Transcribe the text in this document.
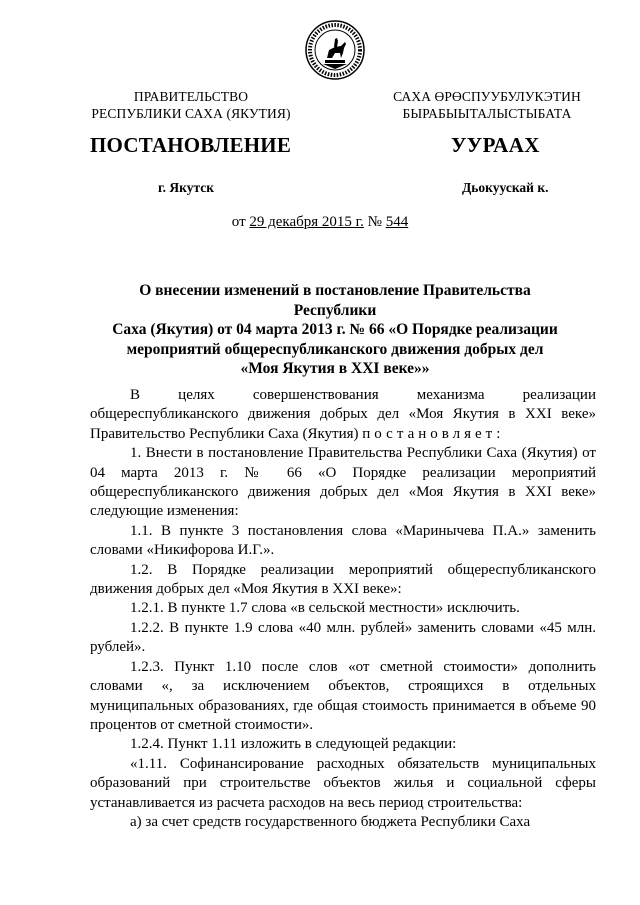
ПРАВИТЕЛЬСТВО
РЕСПУБЛИКИ САХА (ЯКУТИЯ)
САХА ӨРӨСПУУБУЛУКЭТИН
БЫРАБЫЫТАЛЫСТЫБАТА
ПОСТАНОВЛЕНИЕ	УУРААХ
г. Якутск	Дьокуускай к.
от 29 декабря 2015 г. № 544
О внесении изменений в постановление Правительства Республики
Саха (Якутия) от 04 марта 2013 г. № 66 «О Порядке реализации
мероприятий общереспубликанского движения добрых дел
«Моя Якутия в XXI веке»»

В целях совершенствования механизма реализации общереспубликанского движения добрых дел «Моя Якутия в XXI веке» Правительство Республики Саха (Якутия) постановляет:

1. Внести в постановление Правительства Республики Саха (Якутия) от 04 марта 2013 г. № 66 «О Порядке реализации мероприятий общереспубликанского движения добрых дел «Моя Якутия в XXI веке» следующие изменения:

1.1. В пункте 3 постановления слова «Маринычева П.А.» заменить словами «Никифорова И.Г.».

1.2. В Порядке реализации мероприятий общереспубликанского движения добрых дел «Моя Якутия в XXI веке»:

1.2.1. В пункте 1.7 слова «в сельской местности» исключить.

1.2.2. В пункте 1.9 слова «40 млн. рублей» заменить словами «45 млн. рублей».

1.2.3. Пункт 1.10 после слов «от сметной стоимости» дополнить словами «, за исключением объектов, строящихся в отдельных муниципальных образованиях, где общая стоимость принимается в объеме 90 процентов от сметной стоимости».

1.2.4. Пункт 1.11 изложить в следующей редакции:

«1.11. Софинансирование расходных обязательств муниципальных образований при строительстве объектов жилья и социальной сферы устанавливается из расчета расходов на весь период строительства:

а) за счет средств государственного бюджета Республики Саха
